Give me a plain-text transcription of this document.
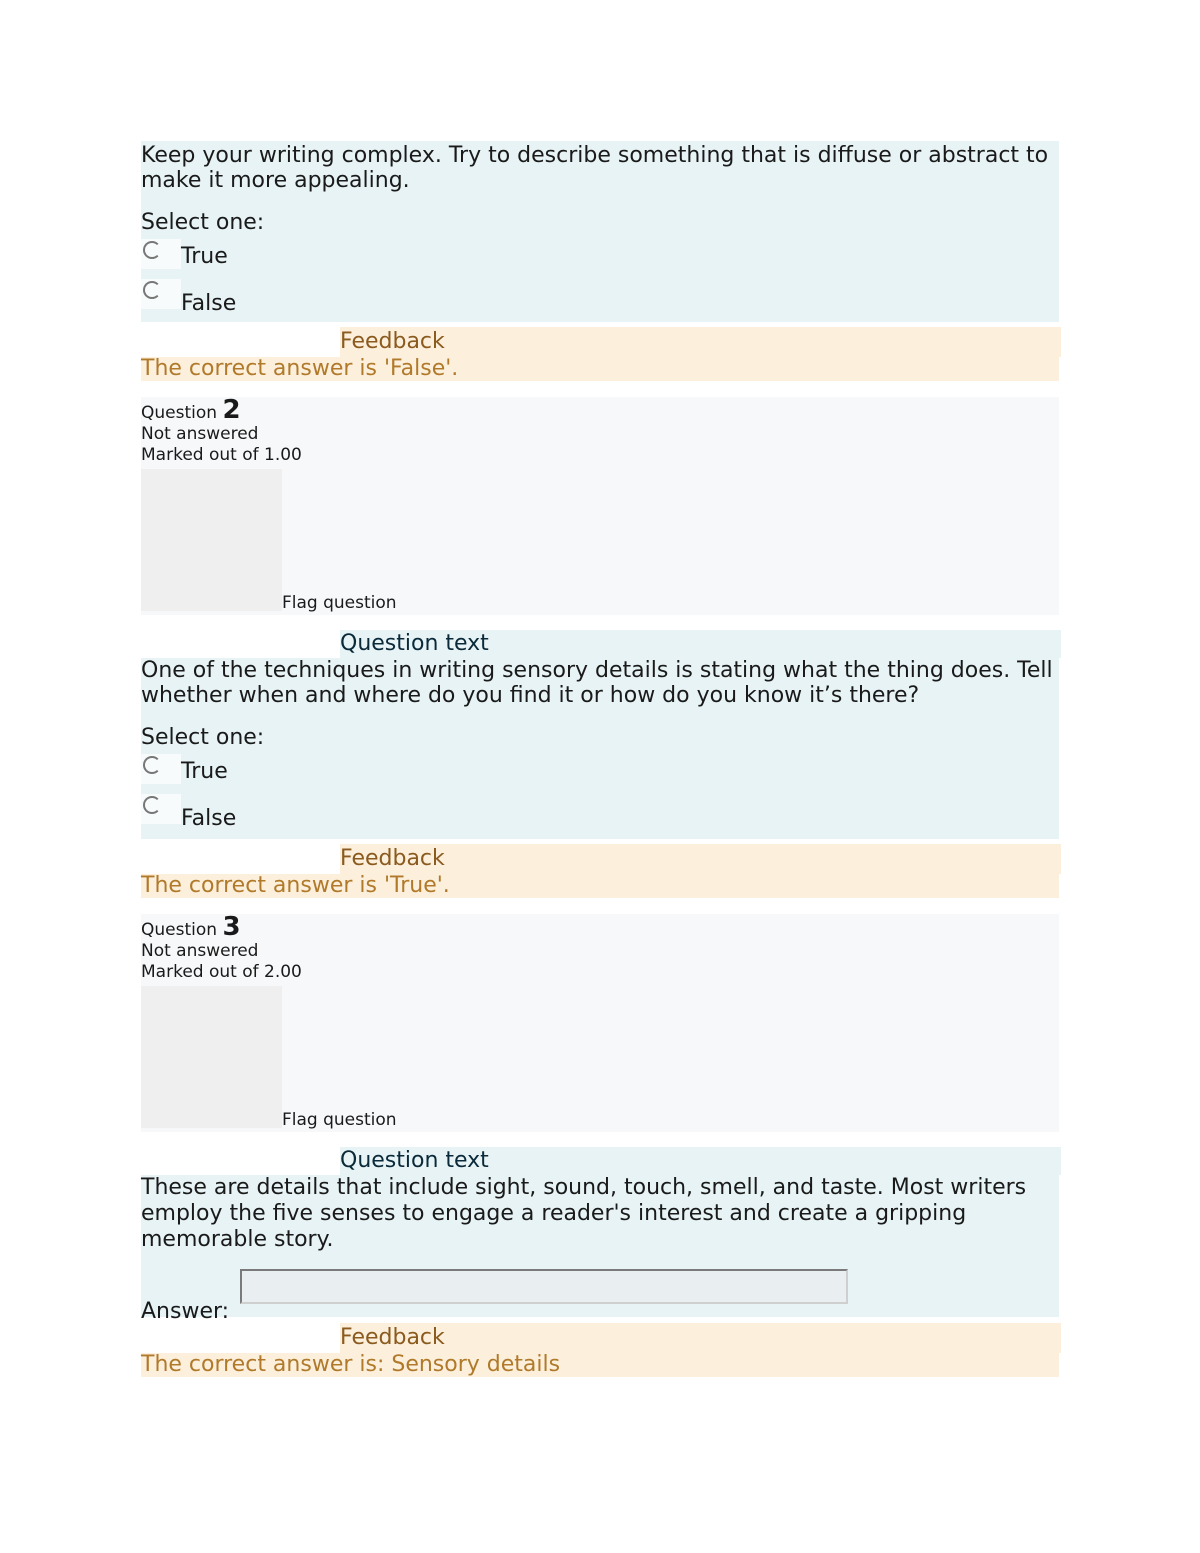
Keep your writing complex. Try to describe something that is diffuse or abstract to make it more appealing.

Select one:
True
False
Feedback
The correct answer is 'False'.
Question 2
Not answered
Marked out of 1.00
Flag question
Question text

One of the techniques in writing sensory details is stating what the thing does. Tell whether when and where do you find it or how do you know it’s there?

Select one:
True
False
Feedback
The correct answer is 'True'.
Question 3
Not answered
Marked out of 2.00
Flag question
Question text

These are details that include sight, sound, touch, smell, and taste. Most writers employ the five senses to engage a reader's interest and create a gripping memorable story.

Answer:
Feedback
The correct answer is: Sensory details
